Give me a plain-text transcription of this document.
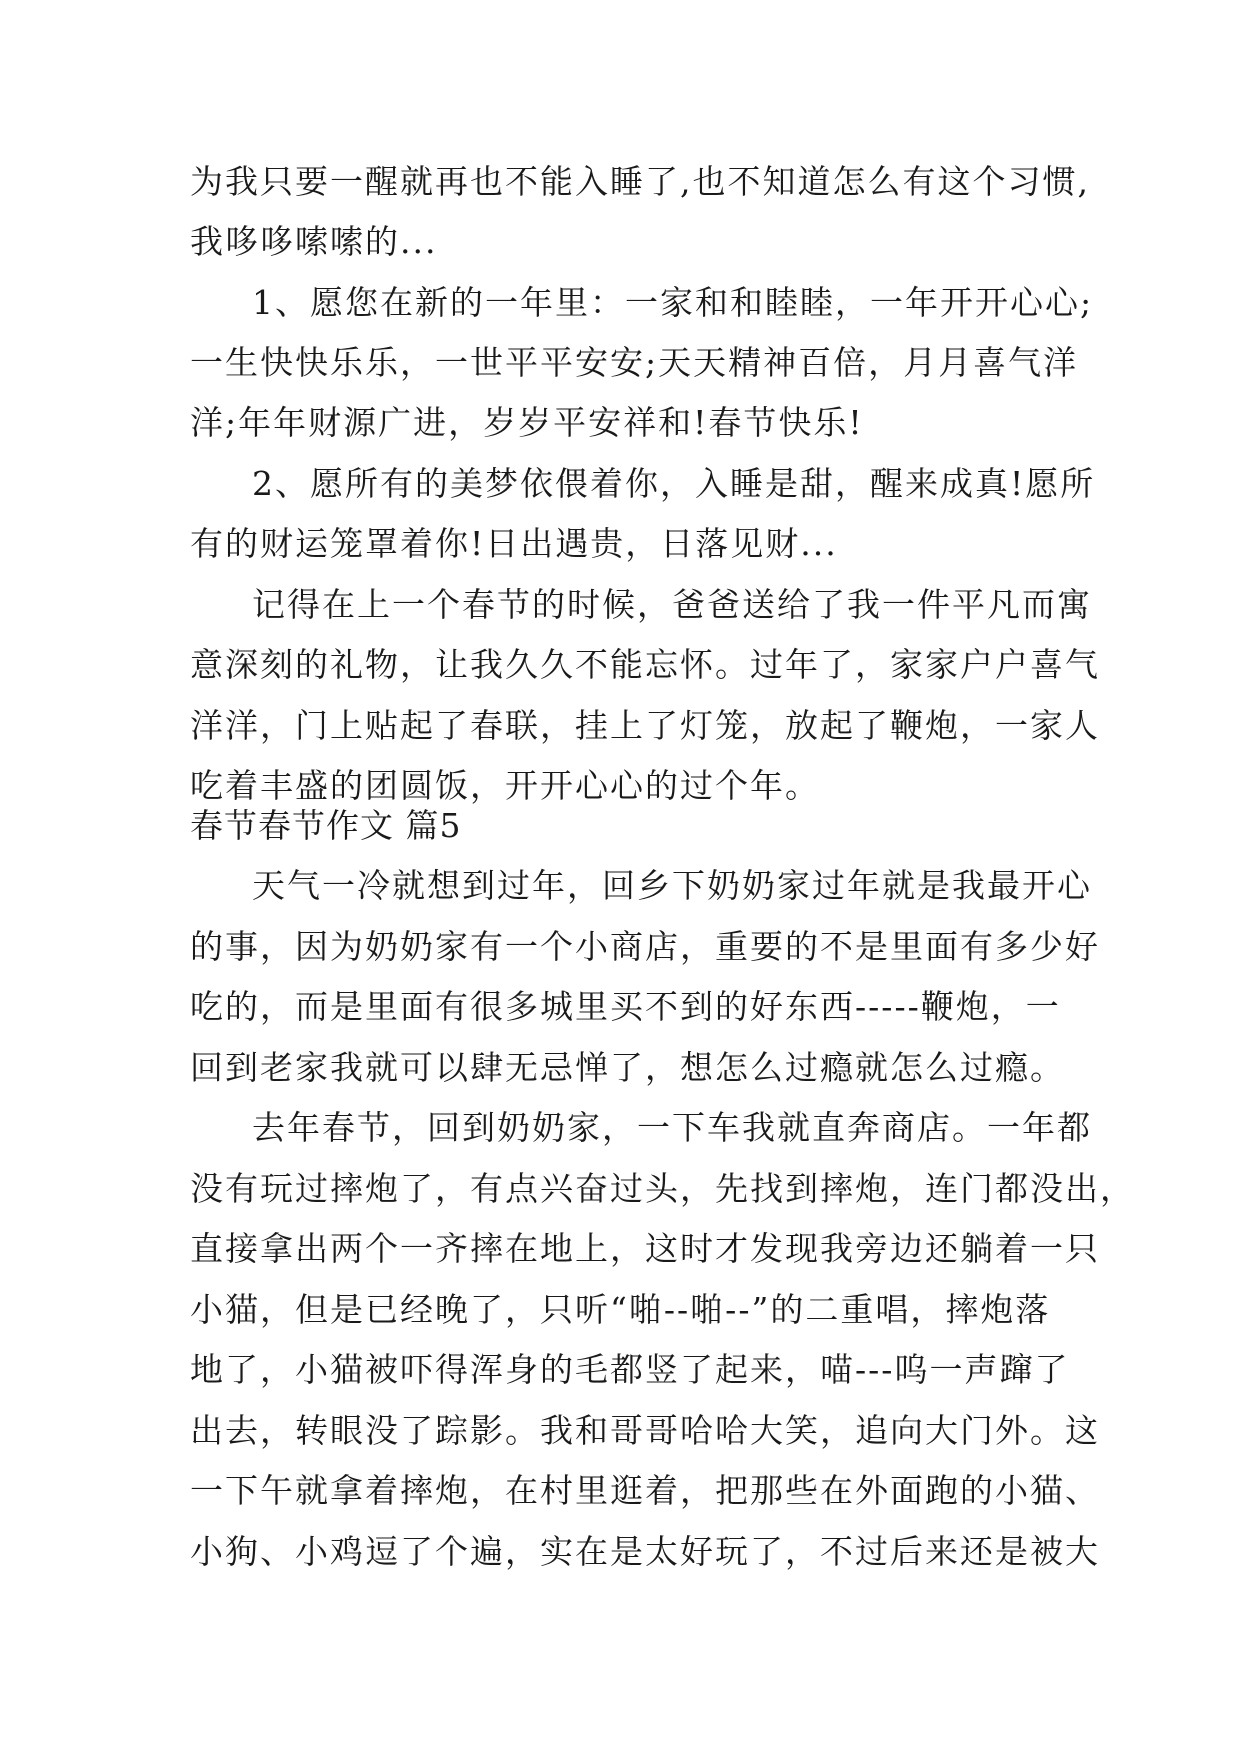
为我只要一醒就再也不能入睡了,也不知道怎么有这个习惯,
我哆哆嗦嗦的...
1、愿您在新的一年里：一家和和睦睦，一年开开心心;
一生快快乐乐，一世平平安安;天天精神百倍，月月喜气洋
洋;年年财源广进，岁岁平安祥和!春节快乐!
2、愿所有的美梦依偎着你，入睡是甜，醒来成真!愿所
有的财运笼罩着你!日出遇贵，日落见财...
记得在上一个春节的时候，爸爸送给了我一件平凡而寓
意深刻的礼物，让我久久不能忘怀。过年了，家家户户喜气
洋洋，门上贴起了春联，挂上了灯笼，放起了鞭炮，一家人
吃着丰盛的团圆饭，开开心心的过个年。
春节春节作文 篇5
天气一冷就想到过年，回乡下奶奶家过年就是我最开心
的事，因为奶奶家有一个小商店，重要的不是里面有多少好
吃的，而是里面有很多城里买不到的好东西-----鞭炮，一
回到老家我就可以肆无忌惮了，想怎么过瘾就怎么过瘾。
去年春节，回到奶奶家，一下车我就直奔商店。一年都
没有玩过摔炮了，有点兴奋过头，先找到摔炮，连门都没出，
直接拿出两个一齐摔在地上，这时才发现我旁边还躺着一只
小猫，但是已经晚了，只听“啪--啪--”的二重唱，摔炮落
地了，小猫被吓得浑身的毛都竖了起来，喵---呜一声蹿了
出去，转眼没了踪影。我和哥哥哈哈大笑，追向大门外。这
一下午就拿着摔炮，在村里逛着，把那些在外面跑的小猫、
小狗、小鸡逗了个遍，实在是太好玩了，不过后来还是被大
